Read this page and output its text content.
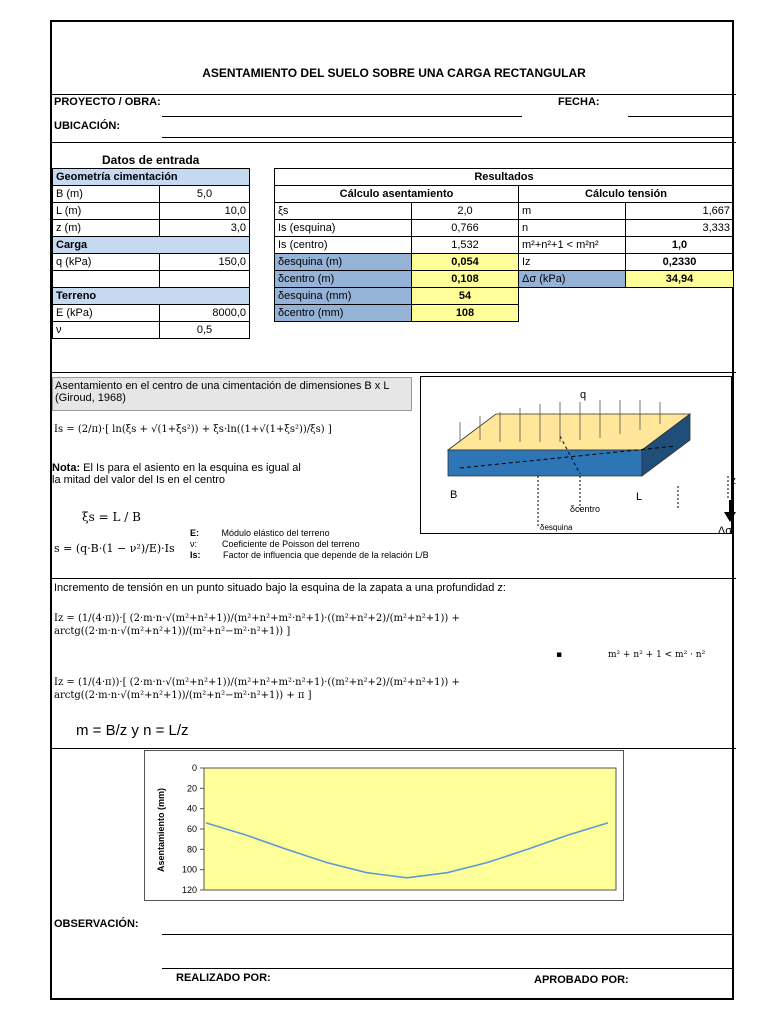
ASENTAMIENTO DEL SUELO SOBRE UNA CARGA RECTANGULAR
PROYECTO / OBRA:	FECHA:
UBICACIÓN:
Datos de entrada
Geometría cimentación	
B (m)	5,0
L (m)	10,0
z (m)	3,0
Carga	
q (kPa)	150,0

Terreno	
E (kPa)	8000,0
ν	0,5
Resultados			
Cálculo asentamiento		Cálculo tensión	
ξs	2,0	m	1,667
Is (esquina)	0,766	n	3,333
Is (centro)	1,532	m²+n²+1 < m²n²	1,0
δesquina (m)	0,054	Iz	0,2330
δcentro (m)	0,108	Δσ (kPa)	34,94
δesquina (mm)	54		
δcentro (mm)	108		
Asentamiento en el centro de una cimentación de dimensiones B x L (Giroud, 1968)
Is = (2/π)·[ ln(ξs + √(1+ξs²)) + ξs·ln((1+√(1+ξs²))/ξs) ]
Nota: El Is para el asiento en la esquina es igual al la mitad del valor del Is en el centro
ξs = L / B
s = (q·B·(1 − ν²)/E)·Is
E:	Módulo elástico del terreno
ν:	Coeficiente de Poisson del terreno
Is:	Factor de influencia que depende de la relación L/B
q
B	L
z
Δσ
δcentro
δesquina
Incremento de tensión en un punto situado bajo la esquina de la zapata a una profundidad z:
Iz = (1/(4·π))·[ (2·m·n·√(m²+n²+1))/(m²+n²+m²·n²+1)·((m²+n²+2)/(m²+n²+1)) + arctg((2·m·n·√(m²+n²+1))/(m²+n²−m²·n²+1)) ]
▪	m² + n² + 1 < m² · n²
Iz = (1/(4·π))·[ (2·m·n·√(m²+n²+1))/(m²+n²+m²·n²+1)·((m²+n²+2)/(m²+n²+1)) + arctg((2·m·n·√(m²+n²+1))/(m²+n²−m²·n²+1)) + π ]
m = B/z y n = L/z
0
20
40
60
80
100
120
Asentamiento (mm)
OBSERVACIÓN:
REALIZADO POR:	APROBADO POR:
